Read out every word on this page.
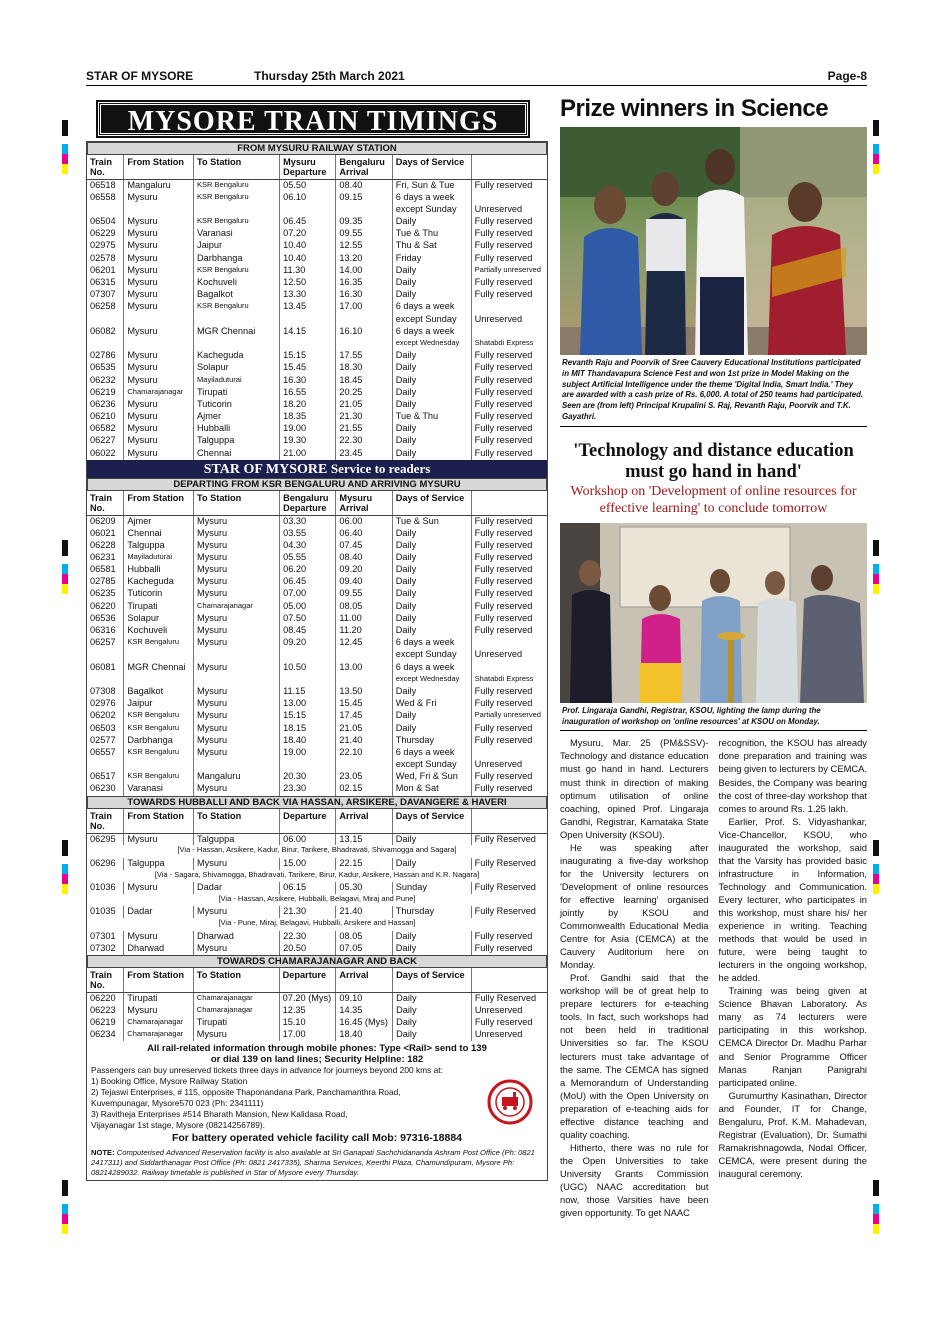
STAR OF MYSORE	Thursday 25th March 2021	Page-8
MYSORE TRAIN TIMINGS
FROM MYSURU RAILWAY STATION
Train No.	From Station	To Station	Mysuru Departure	Bengaluru Arrival	Days of Service	
06518	Mangaluru	KSR Bengaluru	05.50	08.40	Fri, Sun & Tue	Fully reserved
06558	Mysuru	KSR Bengaluru	06.10	09.15	6 days a week	
					except Sunday	Unreserved
06504	Mysuru	KSR Bengaluru	06.45	09.35	Daily	Fully reserved
06229	Mysuru	Varanasi	07.20	09.55	Tue & Thu	Fully reserved
02975	Mysuru	Jaipur	10.40	12.55	Thu & Sat	Fully reserved
02578	Mysuru	Darbhanga	10.40	13.20	Friday	Fully reserved
06201	Mysuru	KSR Bengaluru	11.30	14.00	Daily	Partially unreserved
06315	Mysuru	Kochuveli	12.50	16.35	Daily	Fully reserved
07307	Mysuru	Bagalkot	13.30	16.30	Daily	Fully reserved
06258	Mysuru	KSR Bengaluru	13.45	17.00	6 days a week	
					except Sunday	Unreserved
06082	Mysuru	MGR Chennai	14.15	16.10	6 days a week	
					except Wednesday	Shatabdi Express
02786	Mysuru	Kacheguda	15.15	17.55	Daily	Fully reserved
06535	Mysuru	Solapur	15.45	18.30	Daily	Fully reserved
06232	Mysuru	Mayiladuturai	16.30	18.45	Daily	Fully reserved
06219	Chamarajanagar	Tirupati	16.55	20.25	Daily	Fully reserved
06236	Mysuru	Tuticorin	18.20	21.05	Daily	Fully reserved
06210	Mysuru	Ajmer	18.35	21.30	Tue & Thu	Fully reserved
06582	Mysuru	Hubballi	19.00	21.55	Daily	Fully reserved
06227	Mysuru	Talguppa	19.30	22.30	Daily	Fully reserved
06022	Mysuru	Chennai	21.00	23.45	Daily	Fully reserved
STAR OF MYSORE Service to readers
DEPARTING FROM KSR BENGALURU AND ARRIVING MYSURU
Train No.	From Station	To Station	Bengaluru Departure	Mysuru Arrival	Days of Service	
06209	Ajmer	Mysuru	03.30	06.00	Tue & Sun	Fully reserved
06021	Chennai	Mysuru	03.55	06.40	Daily	Fully reserved
06228	Talguppa	Mysuru	04.30	07.45	Daily	Fully reserved
06231	Mayiladuturai	Mysuru	05.55	08.40	Daily	Fully reserved
06581	Hubballi	Mysuru	06.20	09.20	Daily	Fully reserved
02785	Kacheguda	Mysuru	06.45	09.40	Daily	Fully reserved
06235	Tuticorin	Mysuru	07.00	09.55	Daily	Fully reserved
06220	Tirupati	Chamarajanagar	05.00	08.05	Daily	Fully reserved
06536	Solapur	Mysuru	07.50	11.00	Daily	Fully reserved
06316	Kochuveli	Mysuru	08.45	11.20	Daily	Fully reserved
06257	KSR Bengaluru	Mysuru	09.20	12.45	6 days a week	
					except Sunday	Unreserved
06081	MGR Chennai	Mysuru	10.50	13.00	6 days a week	
					except Wednesday	Shatabdi Express
07308	Bagalkot	Mysuru	11.15	13.50	Daily	Fully reserved
02976	Jaipur	Mysuru	13.00	15.45	Wed & Fri	Fully reserved
06202	KSR Bengaluru	Mysuru	15.15	17.45	Daily	Partially unreserved
06503	KSR Bengaluru	Mysuru	18.15	21.05	Daily	Fully reserved
02577	Darbhanga	Mysuru	18.40	21.40	Thursday	Fully reserved
06557	KSR Bengaluru	Mysuru	19.00	22.10	6 days a week	
					except Sunday	Unreserved
06517	KSR Bengaluru	Mangaluru	20.30	23.05	Wed, Fri & Sun	Fully reserved
06230	Varanasi	Mysuru	23.30	02.15	Mon & Sat	Fully reserved
TOWARDS HUBBALLI AND BACK VIA HASSAN, ARSIKERE, DAVANGERE & HAVERI
Train No.	From Station	To Station	Departure	Arrival	Days of Service	
06295	Mysuru	Talguppa	06.00	13.15	Daily	Fully Reserved
[Via - Hassan, Arsikere, Kadur, Birur, Tarikere, Bhadravati, Shivamogga and Sagara]						
06296	Talguppa	Mysuru	15.00	22.15	Daily	Fully Reserved
[Via - Sagara, Shivamogga, Bhadravati, Tarikere, Birur, Kadur, Arsikere, Hassan and K.R. Nagara]						
01036	Mysuru	Dadar	06.15	05.30	Sunday	Fully Reserved
[Via - Hassan, Arsikere, Hubballi, Belagavi, Miraj and Pune]						
01035	Dadar	Mysuru	21.30	21.40	Thursday	Fully Reserved
[Via - Pune, Miraj, Belagavi, Hubballi, Arsikere and Hassan]						
07301	Mysuru	Dharwad	22.30	08.05	Daily	Fully reserved
07302	Dharwad	Mysuru	20.50	07.05	Daily	Fully reserved
TOWARDS CHAMARAJANAGAR AND BACK
Train No.	From Station	To Station	Departure	Arrival	Days of Service	
06220	Tirupati	Chamarajanagar	07.20 (Mys)	09.10	Daily	Fully Reserved
06223	Mysuru	Chamarajanagar	12.35	14.35	Daily	Unreserved
06219	Chamarajanagar	Tirupati	15.10	16.45 (Mys)	Daily	Fully reserved
06234	Chamarajanagar	Mysuru	17.00	18.40	Daily	Unreserved
All rail-related information through mobile phones: Type <Rail> send to 139
or dial 139 on land lines; Security Helpline: 182
Passengers can buy unreserved tickets three days in advance for journeys beyond 200 kms at:
1) Booking Office, Mysore Railway Station
2) Tejaswi Enterprises, # 115, opposite Thaponandana Park, Panchamanthra Road,
Kuvempunagar, Mysore570 023 (Ph: 2341111)
3) Ravitheja Enterprises #514 Bharath Mansion, New Kalidasa Road,
Vijayanagar 1st stage, Mysore (08214256789).
For battery operated vehicle facility call Mob: 97316-18884
NOTE: Computerised Advanced Reservation facility is also available at Sri Ganapati Sachchidananda Ashram Post Office (Ph: 0821 2417311) and Siddarthanagar Post Office (Ph: 0821 2417335), Sharma Services, Keerthi Plaza, Chamundipuram, Mysore Ph: 08214289032. Railway timetable is published in Star of Mysore every Thursday.
Prize winners in Science
Revanth Raju and Poorvik of Sree Cauvery Educational Institutions participated in MIT Thandavapura Science Fest and won 1st prize in Model Making on the subject Artificial Intelligence under the theme 'Digital India, Smart India.' They are awarded with a cash prize of Rs. 6,000. A total of 250 teams had participated. Seen are (from left) Principal Krupalini S. Raj, Revanth Raju, Poorvik and T.K. Gayathri.
'Technology and distance education must go hand in hand'
Workshop on 'Development of online resources for effective learning' to conclude tomorrow
Prof. Lingaraja Gandhi, Registrar, KSOU, lighting the lamp during the inauguration of workshop on 'online resources' at KSOU on Monday.

Mysuru, Mar. 25 (PM&SSV)- Technology and distance education must go hand in hand. Lecturers must think in direction of making optimum utilisation of online coaching, opined Prof. Lingaraja Gandhi, Registrar, Karnataka State Open University (KSOU).

He was speaking after inaugurating a five-day workshop for the University lecturers on 'Development of online resources for effective learning' organised jointly by KSOU and Commonwealth Educational Media Centre for Asia (CEMCA) at the Cauvery Auditorium here on Monday.

Prof. Gandhi said that the workshop will be of great help to prepare lecturers for e-teaching tools. In fact, such workshops had not been held in traditional Universities so far. The KSOU lecturers must take advantage of the same. The CEMCA has signed a Memorandum of Understanding (MoU) with the Open University on preparation of e-teaching aids for effective distance teaching and quality coaching.

Hitherto, there was no rule for the Open Universities to take University Grants Commission (UGC) NAAC accreditation but now, those Varsities have been given opportunity. To get NAAC

recognition, the KSOU has already done preparation and training was being given to lecturers by CEMCA. Besides, the Company was bearing the cost of three-day workshop that comes to around Rs. 1.25 lakh.

Earlier, Prof. S. Vidyashankar, Vice-Chancellor, KSOU, who inaugurated the workshop, said that the Varsity has provided basic infrastructure in Information, Technology and Communication. Every lecturer, who participates in this workshop, must share his/ her experience in writing. Teaching methods that would be used in future, were being taught to lecturers in the ongoing workshop, he added.

Training was being given at Science Bhavan Laboratory. As many as 74 lecturers were participating in this workshop. CEMCA Director Dr. Madhu Parhar and Senior Programme Officer Manas Ranjan Panigrahi participated online.

Gurumurthy Kasinathan, Director and Founder, IT for Change, Bengaluru, Prof. K.M. Mahadevan, Registrar (Evaluation), Dr. Sumathi Ramakrishnagowda, Nodal Officer, CEMCA, were present during the inaugural ceremony.
